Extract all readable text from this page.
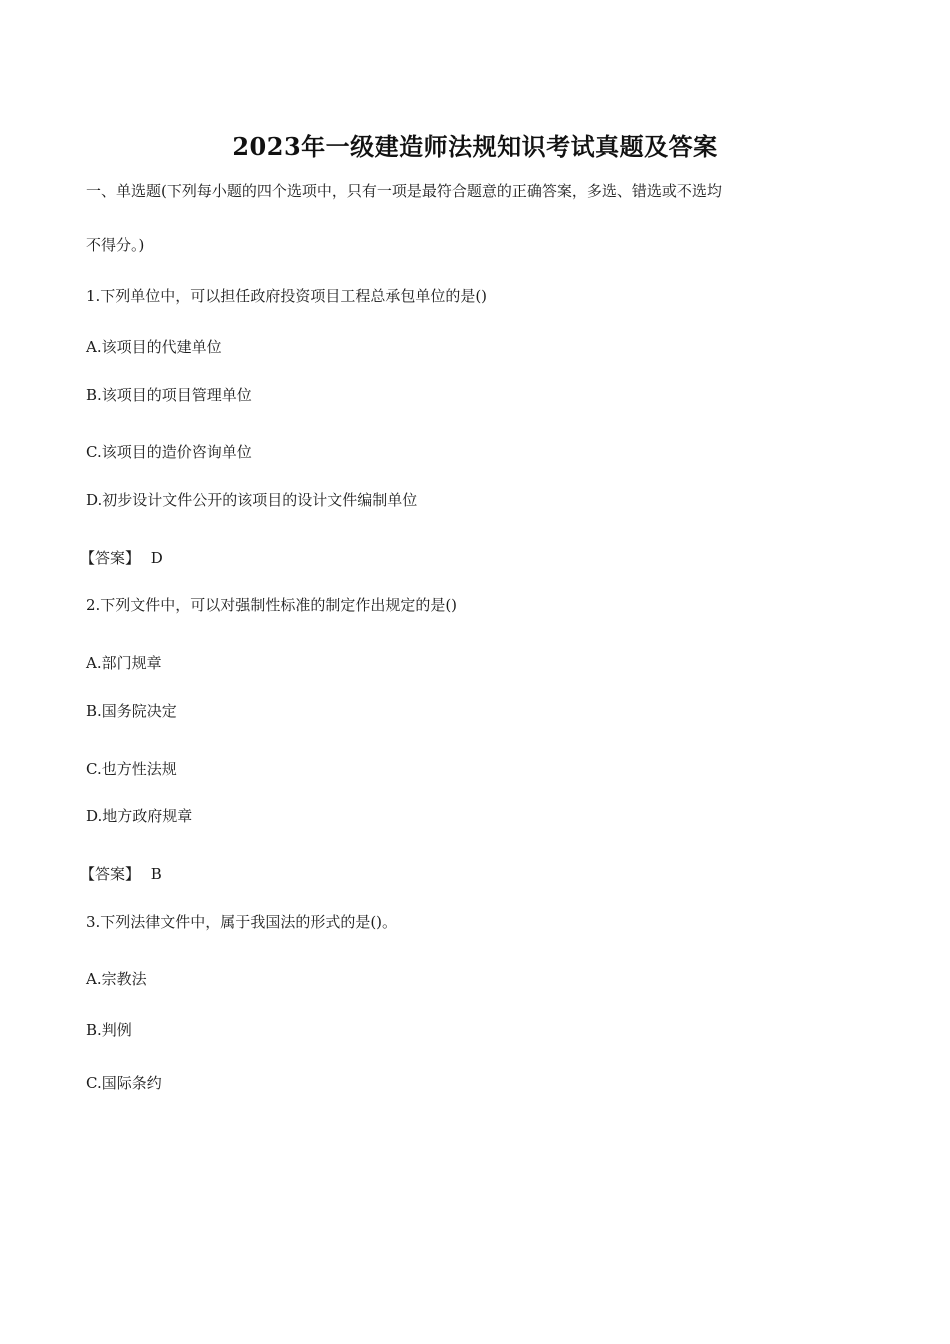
2023年一级建造师法规知识考试真题及答案
一、单选题(下列每小题的四个选项中，只有一项是最符合题意的正确答案，多选、错选或不选均
不得分。)
1.下列单位中，可以担任政府投资项目工程总承包单位的是()
A.该项目的代建单位
B.该项目的项目管理单位
C.该项目的造价咨询单位
D.初步设计文件公开的该项目的设计文件编制单位
【答案】 D
2.下列文件中，可以对强制性标准的制定作出规定的是()
A.部门规章
B.国务院决定
C.也方性法规
D.地方政府规章
【答案】 B
3.下列法律文件中，属于我国法的形式的是()。
A.宗教法
B.判例
C.国际条约
